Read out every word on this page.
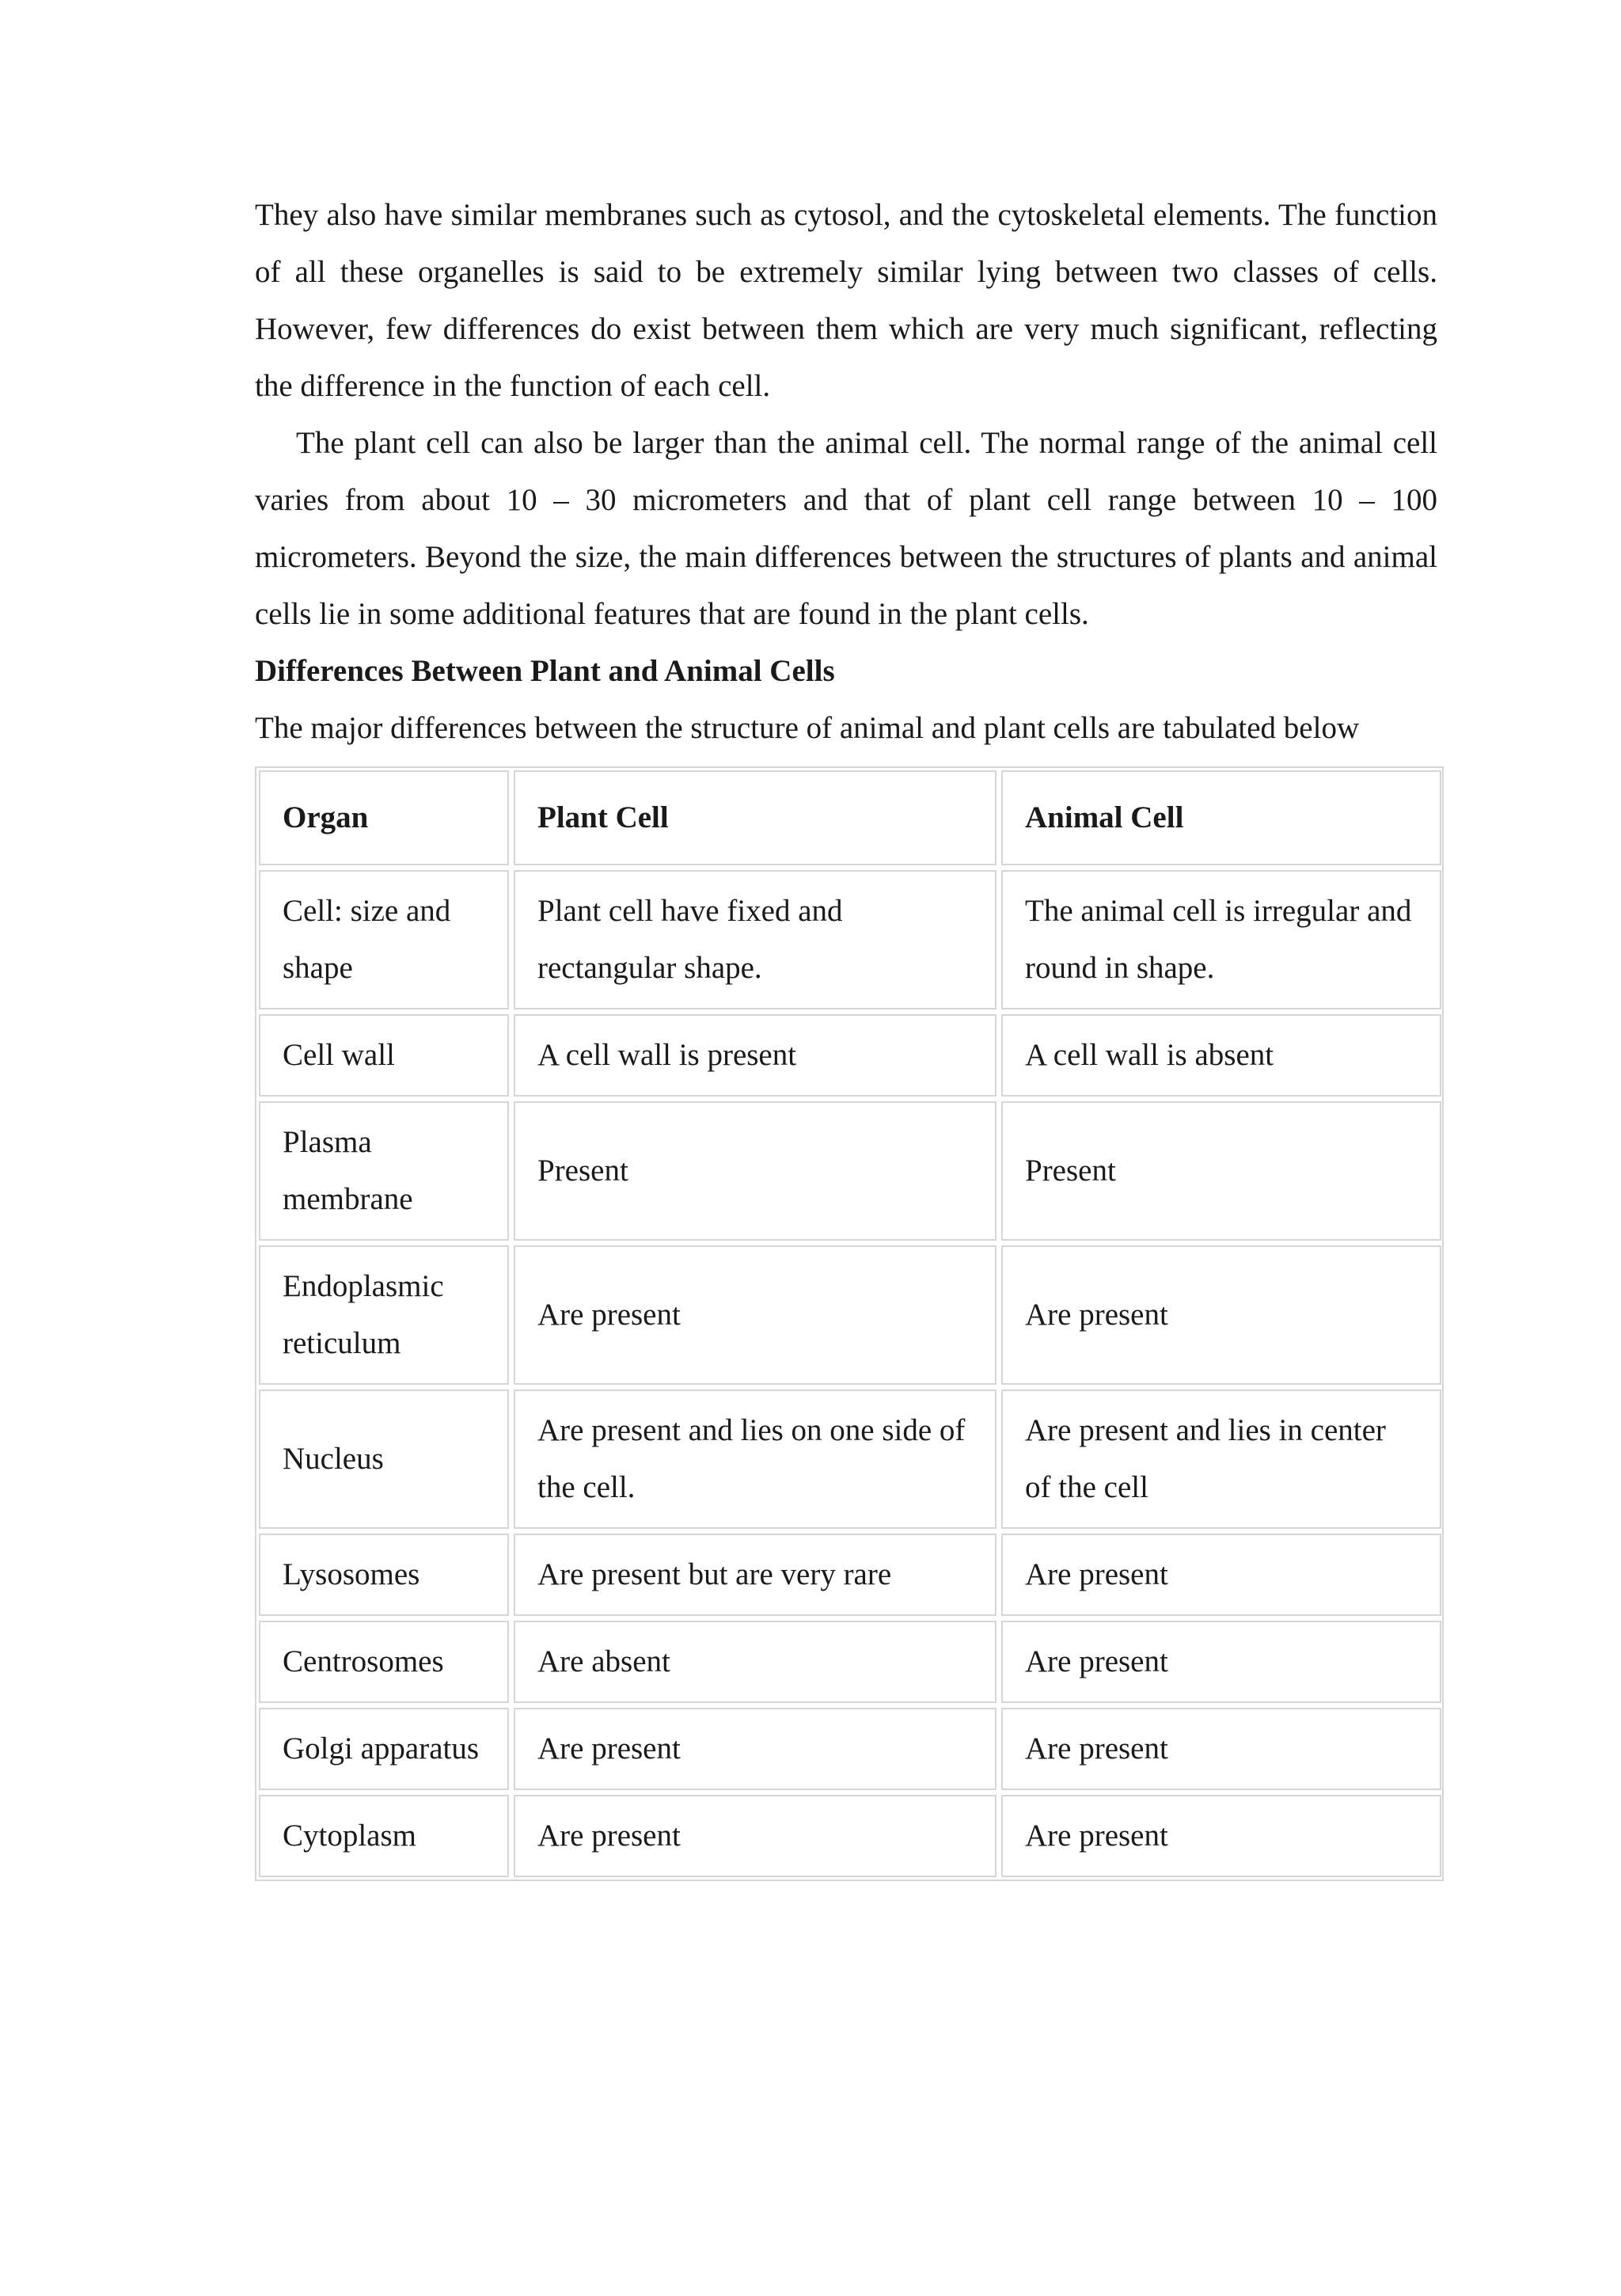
They also have similar membranes such as cytosol, and the cytoskeletal elements. The function of all these organelles is said to be extremely similar lying between two classes of cells. However, few differences do exist between them which are very much significant, reflecting the difference in the function of each cell.

The plant cell can also be larger than the animal cell. The normal range of the animal cell varies from about 10 – 30 micrometers and that of plant cell range between 10 – 100 micrometers. Beyond the size, the main differences between the structures of plants and animal cells lie in some additional features that are found in the plant cells.

Differences Between Plant and Animal Cells

The major differences between the structure of animal and plant cells are tabulated below

Organ	Plant Cell	Animal Cell
Cell: size and shape	Plant cell have fixed and rectangular shape.	The animal cell is irregular and round in shape.
Cell wall	A cell wall is present	A cell wall is absent
Plasma membrane	Present	Present
Endoplasmic reticulum	Are present	Are present
Nucleus	Are present and lies on one side of the cell.	Are present and lies in center of the cell
Lysosomes	Are present but are very rare	Are present
Centrosomes	Are absent	Are present
Golgi apparatus	Are present	Are present
Cytoplasm	Are present	Are present
